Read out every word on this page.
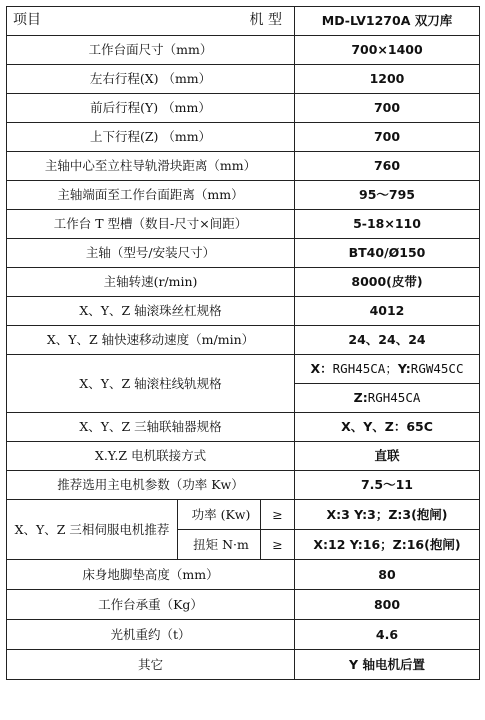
项目 机 型			MD-LV1270A 双刀库
工作台面尺寸（mm）			700×1400
左右行程(X) （mm）			1200
前后行程(Y) （mm）			700
上下行程(Z) （mm）			700
主轴中心至立柱导轨滑块距离（mm）			760
主轴端面至工作台面距离（mm）			95～795
工作台 T 型槽（数目-尺寸×间距）			5-18×110
主轴（型号/安装尺寸）			BT40/Ø150
主轴转速(r/min)			8000(皮带)
X、Y、Z 轴滚珠丝杠规格			4012
X、Y、Z 轴快速移动速度（m/min）			24、24、24
X、Y、Z 轴滚柱线轨规格			X：RGH45CA；Y:RGW45CC
			Z:RGH45CA
X、Y、Z 三轴联轴器规格			X、Y、Z：65C
X.Y.Z 电机联接方式			直联
推荐选用主电机参数（功率 Kw）			7.5～11
X、Y、Z 三相伺服电机推荐	功率 (Kw)	≥	X:3 Y:3；Z:3(抱闸)
	扭矩 N·m	≥	X:12 Y:16；Z:16(抱闸)
床身地脚垫高度（mm）			80
工作台承重（Kg）			800
光机重约（t）			4.6
其它			Y 轴电机后置
